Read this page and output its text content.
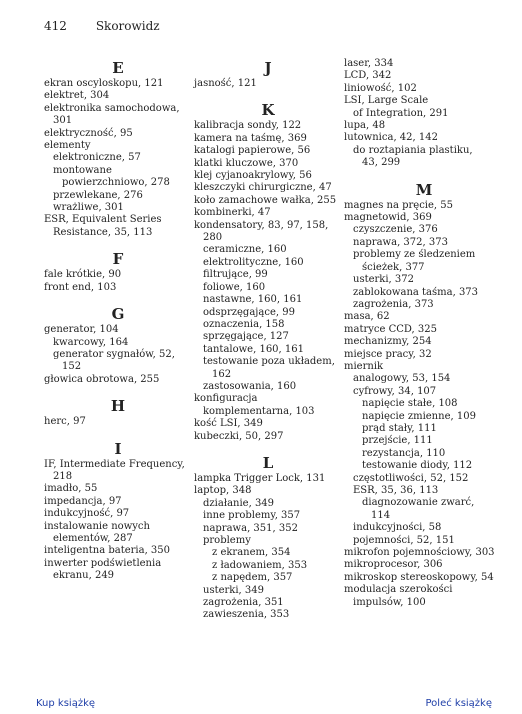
412 Skorowidz
E
ekran oscyloskopu, 121
elektret, 304
elektronika samochodowa,
301
elektryczność, 95
elementy
elektroniczne, 57
montowane
powierzchniowo, 278
przewlekane, 276
wrażliwe, 301
ESR, Equivalent Series
Resistance, 35, 113
F
fale krótkie, 90
front end, 103
G
generator, 104
kwarcowy, 164
generator sygnałów, 52,
152
głowica obrotowa, 255
H
herc, 97
I
IF, Intermediate Frequency,
218
imadło, 55
impedancja, 97
indukcyjność, 97
instalowanie nowych
elementów, 287
inteligentna bateria, 350
inwerter podświetlenia
ekranu, 249
J
jasność, 121
K
kalibracja sondy, 122
kamera na taśmę, 369
katalogi papierowe, 56
klatki kluczowe, 370
klej cyjanoakrylowy, 56
kleszczyki chirurgiczne, 47
koło zamachowe wałka, 255
kombinerki, 47
kondensatory, 83, 97, 158,
280
ceramiczne, 160
elektrolityczne, 160
filtrujące, 99
foliowe, 160
nastawne, 160, 161
odsprzęgające, 99
oznaczenia, 158
sprzęgające, 127
tantalowe, 160, 161
testowanie poza układem,
162
zastosowania, 160
konfiguracja
komplementarna, 103
kość LSI, 349
kubeczki, 50, 297
L
lampka Trigger Lock, 131
laptop, 348
działanie, 349
inne problemy, 357
naprawa, 351, 352
problemy
z ekranem, 354
z ładowaniem, 353
z napędem, 357
usterki, 349
zagrożenia, 351
zawieszenia, 353
laser, 334
LCD, 342
liniowość, 102
LSI, Large Scale
of Integration, 291
lupa, 48
lutownica, 42, 142
do roztapiania plastiku,
43, 299
M
magnes na pręcie, 55
magnetowid, 369
czyszczenie, 376
naprawa, 372, 373
problemy ze śledzeniem
ścieżek, 377
usterki, 372
zablokowana taśma, 373
zagrożenia, 373
masa, 62
matryce CCD, 325
mechanizmy, 254
miejsce pracy, 32
miernik
analogowy, 53, 154
cyfrowy, 34, 107
napięcie stałe, 108
napięcie zmienne, 109
prąd stały, 111
przejście, 111
rezystancja, 110
testowanie diody, 112
częstotliwości, 52, 152
ESR, 35, 36, 113
diagnozowanie zwarć,
114
indukcyjności, 58
pojemności, 52, 151
mikrofon pojemnościowy, 303
mikroprocesor, 306
mikroskop stereoskopowy, 54
modulacja szerokości
impulsów, 100
Kup książkę	Poleć książkę
